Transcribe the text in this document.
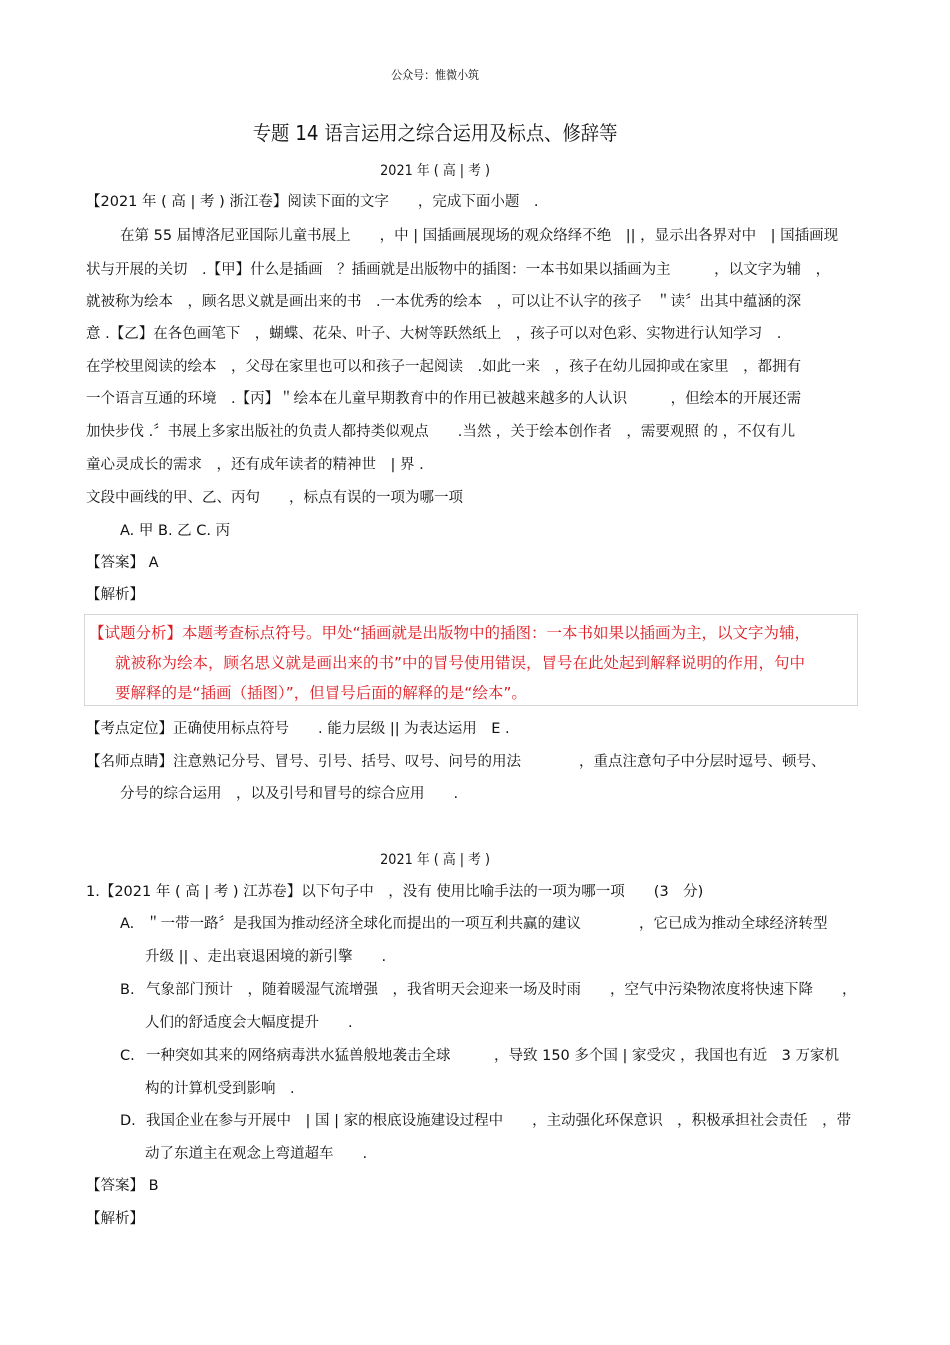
公众号：惟微小筑
专题 14 语言运用之综合运用及标点、修辞等
2021 年 ( 高 | 考 )
【2021 年 ( 高 | 考 ) 浙江卷】阅读下面的文字　　，完成下面小题　.
在第 55 届博洛尼亚国际儿童书展上　　，中 | 国插画展现场的观众络绎不绝　|| ，显示出各界对中　| 国插画现
状与开展的关切　.【甲】什么是插画　？插画就是出版物中的插图：一本书如果以插画为主　　　，以文字为辅　，
就被称为绘本　，顾名思义就是画出来的书　.一本优秀的绘本　，可以让不认字的孩子　＂读〞出其中蕴涵的深
意 .【乙】在各色画笔下　，蝴蝶、花朵、叶子、大树等跃然纸上　，孩子可以对色彩、实物进行认知学习　.
在学校里阅读的绘本　，父母在家里也可以和孩子一起阅读　.如此一来　，孩子在幼儿园抑或在家里　，都拥有
一个语言互通的环境　.【丙】＂绘本在儿童早期教育中的作用已被越来越多的人认识　　　，但绘本的开展还需
加快步伐 .〞书展上多家出版社的负责人都持类似观点　　.当然 ，关于绘本创作者　，需要观照 的 ，不仅有儿
童心灵成长的需求　，还有成年读者的精神世　| 界 .
文段中画线的甲、乙、丙句　　，标点有误的一项为哪一项
A. 甲 B. 乙 C. 丙
【答案】 A
【解析】
【试题分析】本题考查标点符号。甲处“插画就是出版物中的插图：一本书如果以插画为主，以文字为辅，
就被称为绘本，顾名思义就是画出来的书”中的冒号使用错误，冒号在此处起到解释说明的作用，句中
要解释的是“插画（插图）”，但冒号后面的解释的是“绘本”。
【考点定位】正确使用标点符号　　. 能力层级 || 为表达运用　E .
【名师点睛】注意熟记分号、冒号、引号、括号、叹号、问号的用法　　　　，重点注意句子中分层时逗号、顿号、
分号的综合运用　，以及引号和冒号的综合应用　　.
2021 年 ( 高 | 考 )
1.【2021 年 ( 高 | 考 ) 江苏卷】以下句子中　，没有 使用比喻手法的一项为哪一项　　(3　分)
A. ＂一带一路〞是我国为推动经济全球化而提出的一项互利共赢的建议　　　　，它已成为推动全球经济转型
升级 || 、走出衰退困境的新引擎　　.
B. 气象部门预计　，随着暖湿气流增强　，我省明天会迎来一场及时雨　　，空气中污染物浓度将快速下降　　，
人们的舒适度会大幅度提升　　.
C. 一种突如其来的网络病毒洪水猛兽般地袭击全球　　　，导致 150 多个国 | 家受灾 ，我国也有近　3 万家机
构的计算机受到影响　.
D. 我国企业在参与开展中　| 国 | 家的根底设施建设过程中　　，主动强化环保意识　，积极承担社会责任　，带
动了东道主在观念上弯道超车　　.
【答案】 B
【解析】
